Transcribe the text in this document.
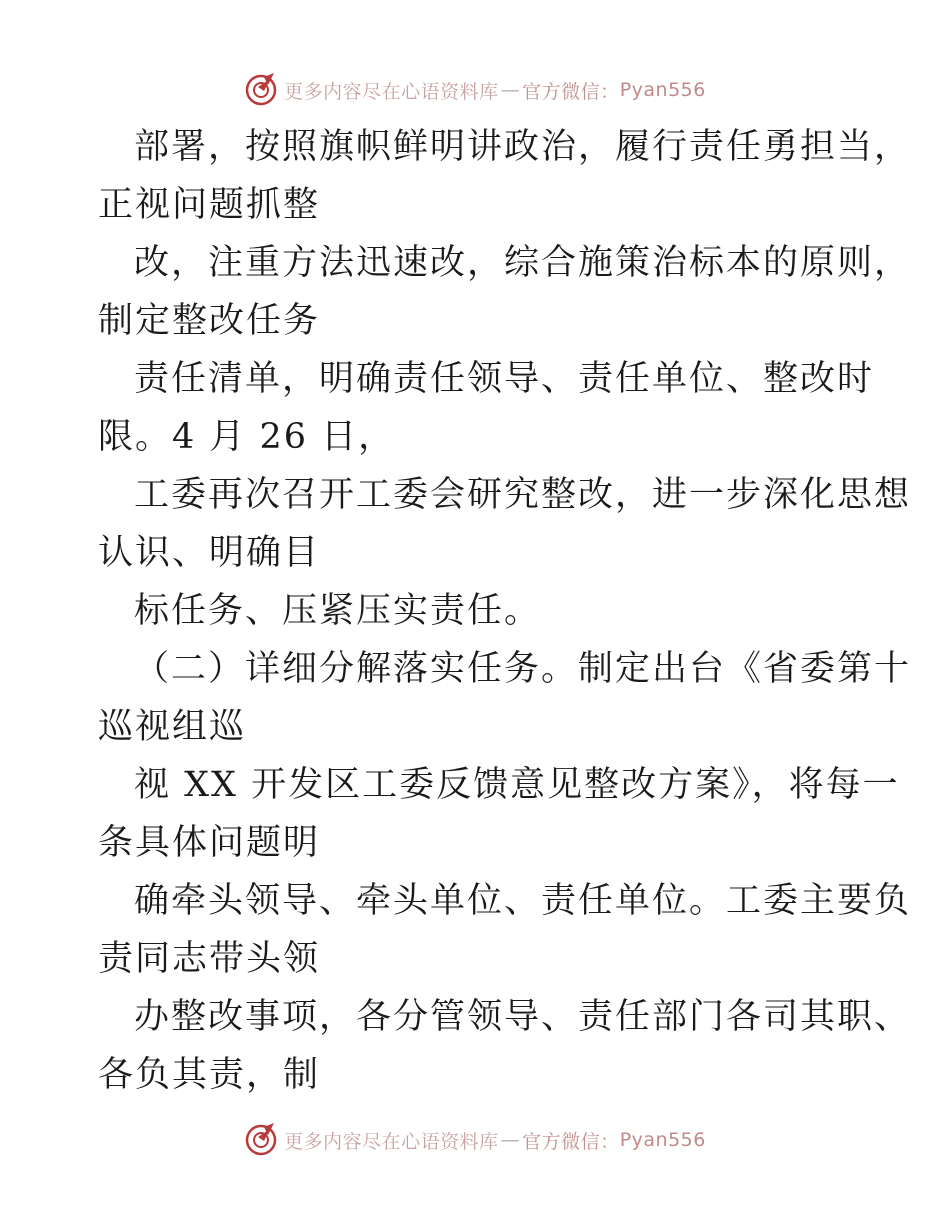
更多内容尽在心语资料库 — 官方微信： Pyan556
部署，按照旗帜鲜明讲政治，履行责任勇担当，
正视问题抓整
改，注重方法迅速改，综合施策治标本的原则，
制定整改任务
责任清单，明确责任领导、责任单位、整改时
限。4 月 26 日，
工委再次召开工委会研究整改，进一步深化思想
认识、明确目
标任务、压紧压实责任。
（二）详细分解落实任务。制定出台《省委第十
巡视组巡
视 XX 开发区工委反馈意见整改方案》，将每一
条具体问题明
确牵头领导、牵头单位、责任单位。工委主要负
责同志带头领
办整改事项，各分管领导、责任部门各司其职、
各负其责，制
更多内容尽在心语资料库 — 官方微信： Pyan556
